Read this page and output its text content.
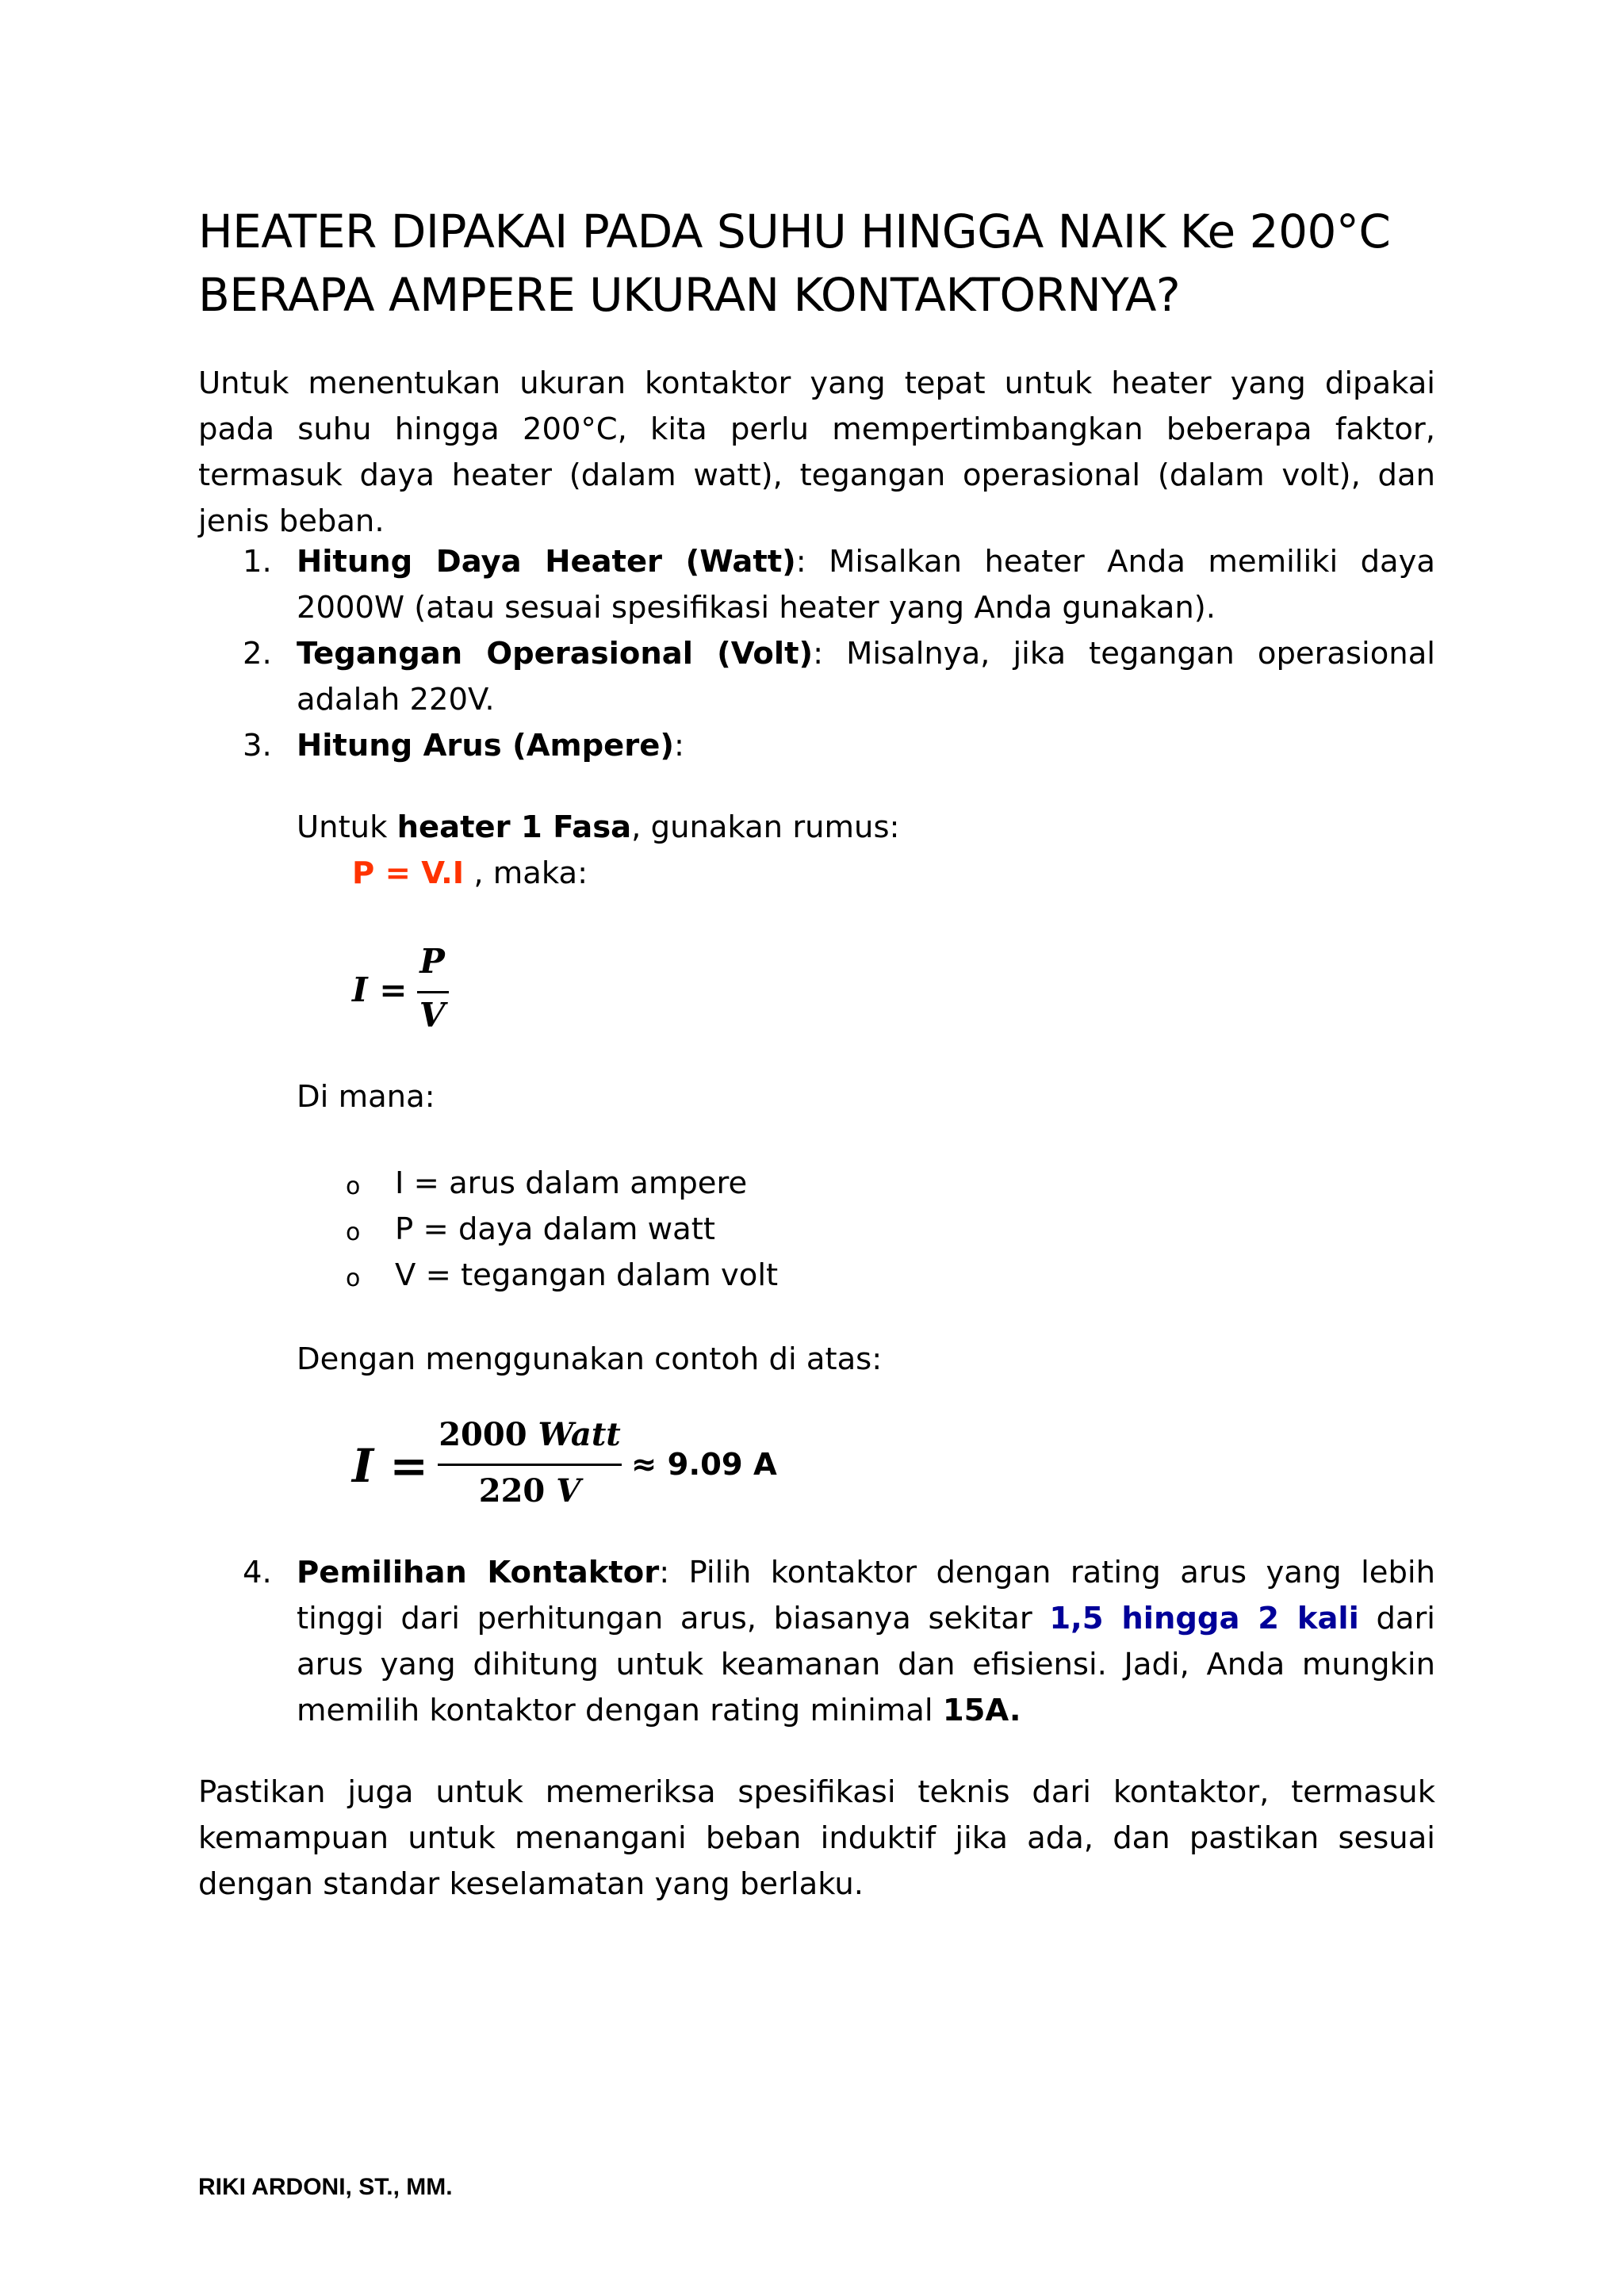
HEATER DIPAKAI PADA SUHU HINGGA NAIK Ke 200°C
BERAPA AMPERE UKURAN KONTAKTORNYA?

Untuk menentukan ukuran kontaktor yang tepat untuk heater yang dipakai pada suhu hingga 200°C, kita perlu mempertimbangkan beberapa faktor, termasuk daya heater (dalam watt), tegangan operasional (dalam volt), dan jenis beban.

1. Hitung Daya Heater (Watt): Misalkan heater Anda memiliki daya 2000W (atau sesuai spesifikasi heater yang Anda gunakan).
2. Tegangan Operasional (Volt): Misalnya, jika tegangan operasional adalah 220V.
3. Hitung Arus (Ampere):
Untuk heater 1 Fasa, gunakan rumus:
P = V.I , maka:
I =
P
V
Di mana:
o I = arus dalam ampere
o P = daya dalam watt
o V = tegangan dalam volt
Dengan menggunakan contoh di atas:
I =
2000 Watt
220 V
≈ 9.09 A
4. Pemilihan Kontaktor: Pilih kontaktor dengan rating arus yang lebih tinggi dari perhitungan arus, biasanya sekitar 1,5 hingga 2 kali dari arus yang dihitung untuk keamanan dan efisiensi. Jadi, Anda mungkin memilih kontaktor dengan rating minimal 15A.

Pastikan juga untuk memeriksa spesifikasi teknis dari kontaktor, termasuk kemampuan untuk menangani beban induktif jika ada, dan pastikan sesuai dengan standar keselamatan yang berlaku.

RIKI ARDONI, ST., MM.
